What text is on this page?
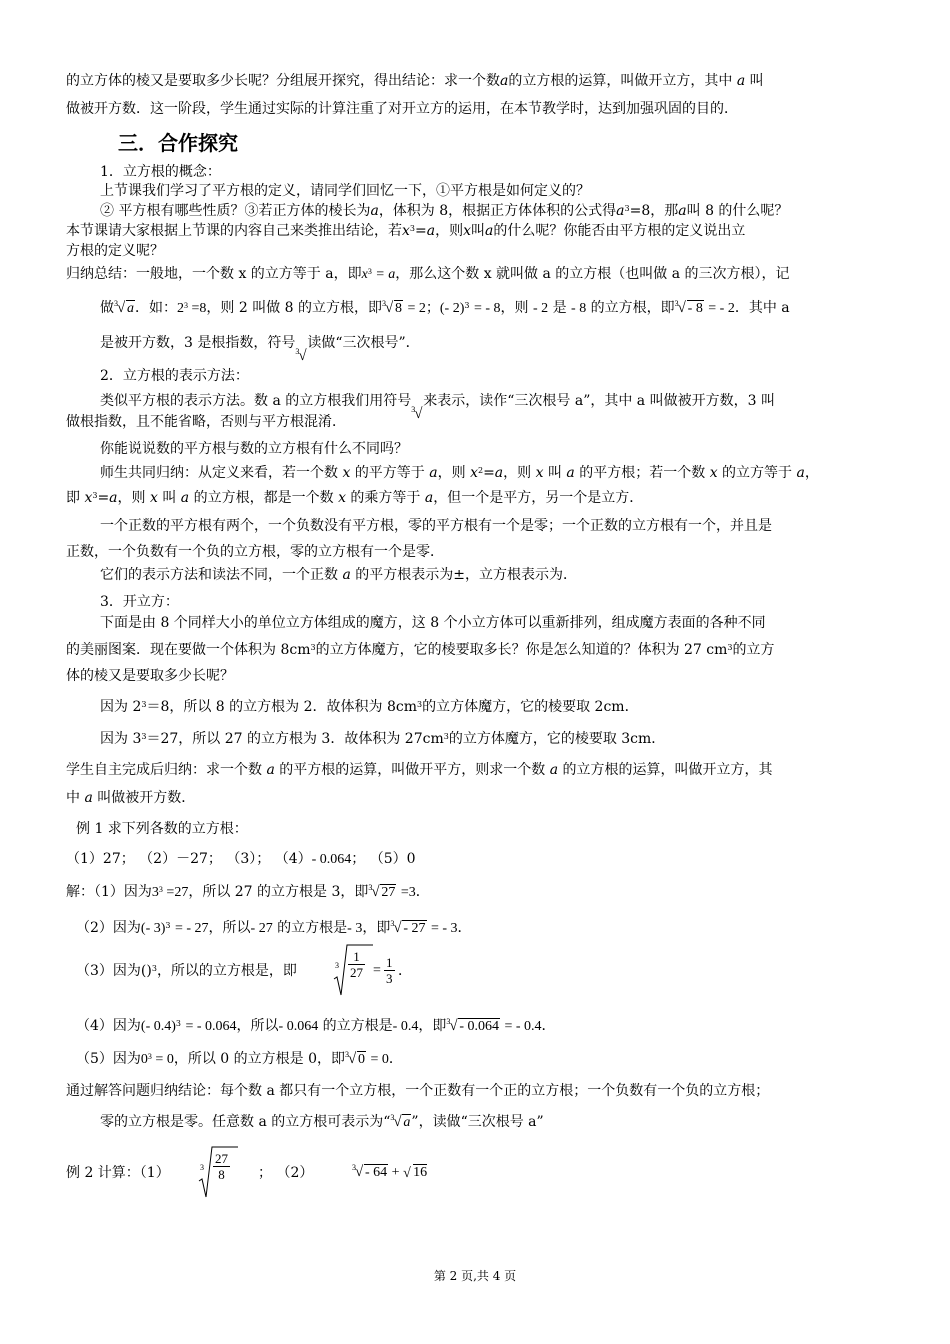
的立方体的棱又是要取多少长呢？分组展开探究，得出结论：求一个数a的立方根的运算，叫做开立方，其中 a 叫
做被开方数．这一阶段，学生通过实际的计算注重了对开立方的运用，在本节教学时，达到加强巩固的目的．
三．合作探究
1．立方根的概念：
上节课我们学习了平方根的定义，请同学们回忆一下，①平方根是如何定义的？
② 平方根有哪些性质？③若正方体的棱长为a，体积为 8，根据正方体体积的公式得$a^3=8$，那a叫 8 的什么呢？
本节课请大家根据上节课的内容自己来类推出结论，若$x^3=a$，则x叫a的什么呢？你能否由平方根的定义说出立
方根的定义呢？
归纳总结：一般地，一个数 x 的立方等于 a，即$x^3 = a$，那么这个数 x 就叫做 a 的立方根（也叫做 a 的三次方根），记
做 3 √ a．如：$2^3 =8$，则 2 叫做 8 的立方根，即 3 √ 8 = 2；(- 2)$^3$ = - 8，则 - 2 是 - 8 的立方根，即 3 √ - 8 = - 2．其中 a
是被开方数，3 是根指数，符号
3 √
读做“三次根号”．
2．立方根的表示方法：
类似平方根的表示方法。数 a 的立方根我们用符号
3 √
来表示，读作“三次根号 a”，其中 a 叫做被开方数，3 叫
做根指数，且不能省略，否则与平方根混淆．
你能说说数的平方根与数的立方根有什么不同吗？
师生共同归纳：从定义来看，若一个数 x 的平方等于 a，则 $x^2=a$，则 x 叫 a 的平方根；若一个数 x 的立方等于 a，
即 $x^3=a$，则 x 叫 a 的立方根，都是一个数 x 的乘方等于 a，但一个是平方，另一个是立方．
一个正数的平方根有两个，一个负数没有平方根，零的平方根有一个是零；一个正数的立方根有一个，并且是
正数，一个负数有一个负的立方根，零的立方根有一个是零．
它们的表示方法和读法不同，一个正数 a 的平方根表示为±，立方根表示为．
3．开立方：
下面是由 8 个同样大小的单位立方体组成的魔方，这 8 个小立方体可以重新排列，组成魔方表面的各种不同
的美丽图案．现在要做一个体积为 $8cm^3$的立方体魔方，它的棱要取多长？你是怎么知道的？体积为 27 $cm^3$的立方
体的棱又是要取多少长呢？
因为 $2^3=8$，所以 8 的立方根为 2．故体积为 $8cm^3$的立方体魔方，它的棱要取 2cm．
因为 $3^3=27$，所以 27 的立方根为 3．故体积为 $27cm^3$的立方体魔方，它的棱要取 3cm．
学生自主完成后归纳：求一个数 a 的平方根的运算，叫做开平方，则求一个数 a 的立方根的运算，叫做开立方，其
中 a 叫做被开方数．
例 1 求下列各数的立方根：
（1）27； （2）－27； （3）； （4）- 0.064； （5）0
解：（1）因为$3^3 =27$，所以 27 的立方根是 3，即 3 √ 27 =3．
（2）因为(- 3)$^3$ = - 27，所以- 27 的立方根是- 3，即 3 √ - 27 = - 3．
（3）因为()$^3$，所以的立方根是，即	$3 \frac{1}{27} = \frac{1}{3}$ ．
（4）因为(- 0.4)$^3$ = - 0.064，所以- 0.064 的立方根是- 0.4，即 3 √ - 0.064 = - 0.4．
（5）因为$0^3 = 0$，所以 0 的立方根是 0，即 3 √ 0 = 0．
通过解答问题归纳结论：每个数 a 都只有一个立方根，一个正数有一个正的立方根；一个负数有一个负的立方根；
零的立方根是零。任意数 a 的立方根可表示为“ 3 √ a”，读做“三次根号 a”
例 2 计算：（1）	$3 \frac{27}{8}$ ； （2）	3 √ - 64 + √ 16
第 2 页,共 4 页
